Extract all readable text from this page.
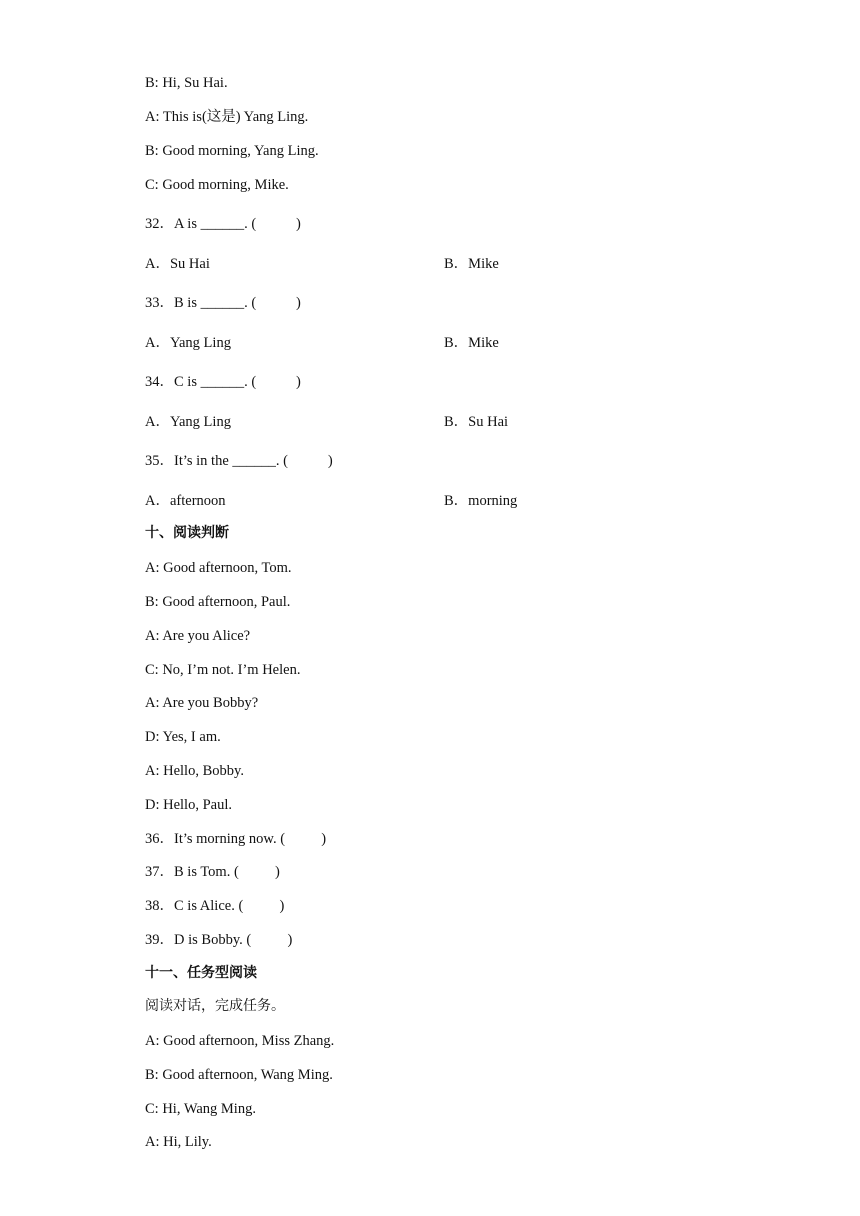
B: Hi, Su Hai.
A: This is(这是) Yang Ling.
B: Good morning, Yang Ling.
C: Good morning, Mike.
32．A is ______. (           )
A．Su Hai	B．Mike
33．B is ______. (           )
A．Yang Ling	B．Mike
34．C is ______. (           )
A．Yang Ling	B．Su Hai
35．It’s in the ______. (           )
A．afternoon	B．morning
十、阅读判断
A: Good afternoon, Tom.
B: Good afternoon, Paul.
A: Are you Alice?
C: No, I’m not. I’m Helen.
A: Are you Bobby?
D: Yes, I am.
A: Hello, Bobby.
D: Hello, Paul.
36．It’s morning now. (          )
37．B is Tom. (          )
38．C is Alice. (          )
39．D is Bobby. (          )
十一、任务型阅读
阅读对话，完成任务。
A: Good afternoon, Miss Zhang.
B: Good afternoon, Wang Ming.
C: Hi, Wang Ming.
A: Hi, Lily.
